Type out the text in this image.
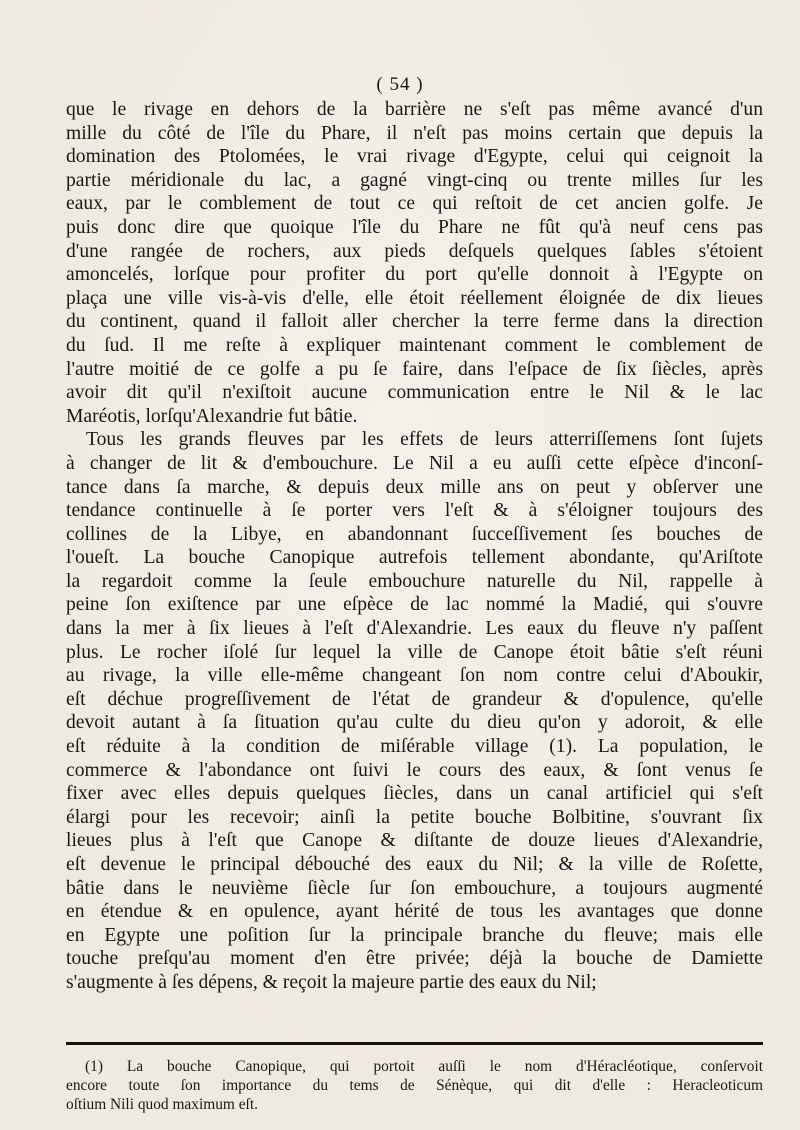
( 54 )
que le rivage en dehors de la barrière ne s'eſt pas même avancé d'un
mille du côté de l'île du Phare, il n'eſt pas moins certain que depuis la
domination des Ptolomées, le vrai rivage d'Egypte, celui qui ceignoit la
partie méridionale du lac, a gagné vingt-cinq ou trente milles ſur les
eaux, par le comblement de tout ce qui reſtoit de cet ancien golfe. Je
puis donc dire que quoique l'île du Phare ne fût qu'à neuf cens pas
d'une rangée de rochers, aux pieds deſquels quelques ſables s'étoient
amoncelés, lorſque pour profiter du port qu'elle donnoit à l'Egypte on
plaça une ville vis-à-vis d'elle, elle étoit réellement éloignée de dix lieues
du continent, quand il falloit aller chercher la terre ferme dans la direction
du ſud. Il me reſte à expliquer maintenant comment le comblement de
l'autre moitié de ce golfe a pu ſe faire, dans l'eſpace de ſix ſiècles, après
avoir dit qu'il n'exiſtoit aucune communication entre le Nil & le lac
Maréotis, lorſqu'Alexandrie fut bâtie.
Tous les grands fleuves par les effets de leurs atterriſſemens ſont ſujets
à changer de lit & d'embouchure. Le Nil a eu auſſi cette eſpèce d'inconſ-
tance dans ſa marche, & depuis deux mille ans on peut y obſerver une
tendance continuelle à ſe porter vers l'eſt & à s'éloigner toujours des
collines de la Libye, en abandonnant ſucceſſivement ſes bouches de
l'oueſt. La bouche Canopique autrefois tellement abondante, qu'Ariſtote
la regardoit comme la ſeule embouchure naturelle du Nil, rappelle à
peine ſon exiſtence par une eſpèce de lac nommé la Madié, qui s'ouvre
dans la mer à ſix lieues à l'eſt d'Alexandrie. Les eaux du fleuve n'y paſſent
plus. Le rocher iſolé ſur lequel la ville de Canope étoit bâtie s'eſt réuni
au rivage, la ville elle-même changeant ſon nom contre celui d'Aboukir,
eſt déchue progreſſivement de l'état de grandeur & d'opulence, qu'elle
devoit autant à ſa ſituation qu'au culte du dieu qu'on y adoroit, & elle
eſt réduite à la condition de miſérable village (1). La population, le
commerce & l'abondance ont ſuivi le cours des eaux, & ſont venus ſe
fixer avec elles depuis quelques ſiècles, dans un canal artificiel qui s'eſt
élargi pour les recevoir; ainſi la petite bouche Bolbitine, s'ouvrant ſix
lieues plus à l'eſt que Canope & diſtante de douze lieues d'Alexandrie,
eſt devenue le principal débouché des eaux du Nil; & la ville de Roſette,
bâtie dans le neuvième ſiècle ſur ſon embouchure, a toujours augmenté
en étendue & en opulence, ayant hérité de tous les avantages que donne
en Egypte une poſition ſur la principale branche du fleuve; mais elle
touche preſqu'au moment d'en être privée; déjà la bouche de Damiette
s'augmente à ſes dépens, & reçoit la majeure partie des eaux du Nil;
(1) La bouche Canopique, qui portoit auſſi le nom d'Héracléotique, conſervoit
encore toute ſon importance du tems de Sénèque, qui dit d'elle : Heracleoticum
oſtium Nili quod maximum eſt.
